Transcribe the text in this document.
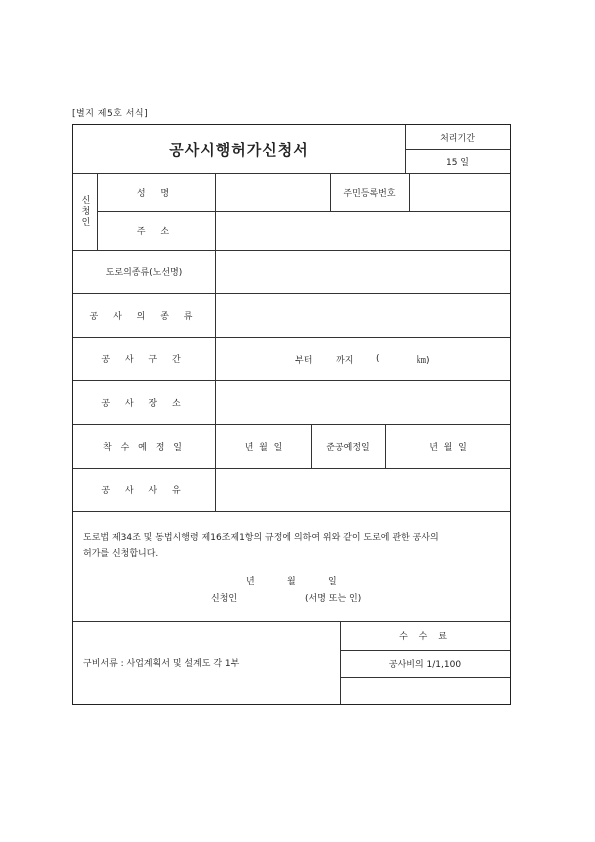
[별지 제5호 서식]
공사시행허가신청서
처리기간
15 일
신청인
성 명	주민등록번호
주 소
도로의종류(노선명)
공 사 의 종 류
공 사 구 간	부터	까지	(	㎞)
공 사 장 소
착 수 예 정 일	년  월  일	준공예정일	년  월  일
공 사 사 유
도로법 제34조 및 동법시행령 제16조제1항의 규정에 의하여 위와 같이 도로에 관한 공사의
허가를 신청합니다.
년	월	일
신청인	(서명 또는 인)
구비서류 : 사업계획서 및 설계도 각 1부
수 수 료
공사비의 1/1,100
